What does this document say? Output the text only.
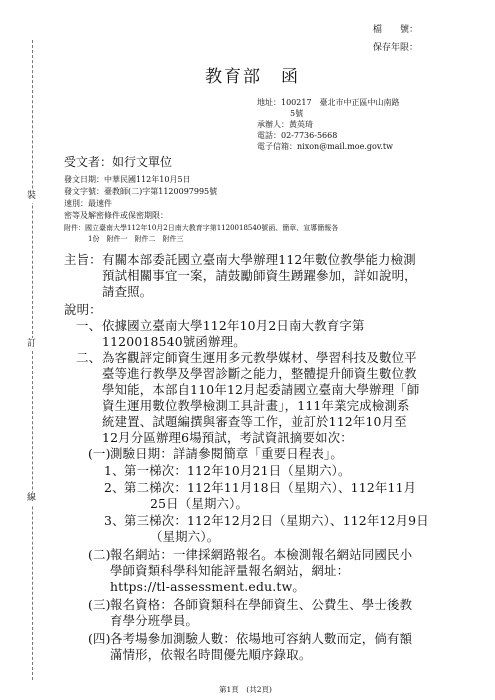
裝
訂
線
檔　　號：
保存年限：
教育部　函
地址：100217　臺北市中正區中山南路
5號
承辦人：黃英琦
電話：02-7736-5668
電子信箱：nixon@mail.moe.gov.tw
受文者：如行文單位
發文日期：中華民國112年10月5日
發文字號：臺教師(二)字第1120097995號
速別：最速件
密等及解密條件或保密期限：
附件：國立臺南大學112年10月2日南大教育字第1120018540號函、簡章、宣導簡報各
1份　附件一　附件二　附件三
主旨： 有關本部委託國立臺南大學辦理112年數位教學能力檢測
預試相關事宜一案，請鼓勵師資生踴躍參加，詳如說明，
請查照。
說明：
一、 依據國立臺南大學112年10月2日南大教育字第
1120018540號函辦理。
二、 為客觀評定師資生運用多元教學媒材、學習科技及數位平
臺等進行教學及學習診斷之能力，整體提升師資生數位教
學知能，本部自110年12月起委請國立臺南大學辦理「師
資生運用數位教學檢測工具計畫」，111年業完成檢測系
統建置、試題編撰與審查等工作，並訂於112年10月至
12月分區辦理6場預試，考試資訊摘要如次：
(一) 測驗日期：詳請參閱簡章「重要日程表」。
1、 第一梯次：112年10月21日（星期六）。
2、 第二梯次：112年11月18日（星期六）、112年11月
25日（星期六）。
3、 第三梯次：112年12月2日（星期六）、112年12月9日
（星期六）。
(二) 報名網站：一律採網路報名。本檢測報名網站同國民小
學師資類科學科知能評量報名網站，網址：
https://tl-assessment.edu.tw。
(三) 報名資格：各師資類科在學師資生、公費生、學士後教
育學分班學員。
(四) 各考場參加測驗人數：依場地可容納人數而定，倘有額
滿情形，依報名時間優先順序錄取。
第1頁　(共2頁)
